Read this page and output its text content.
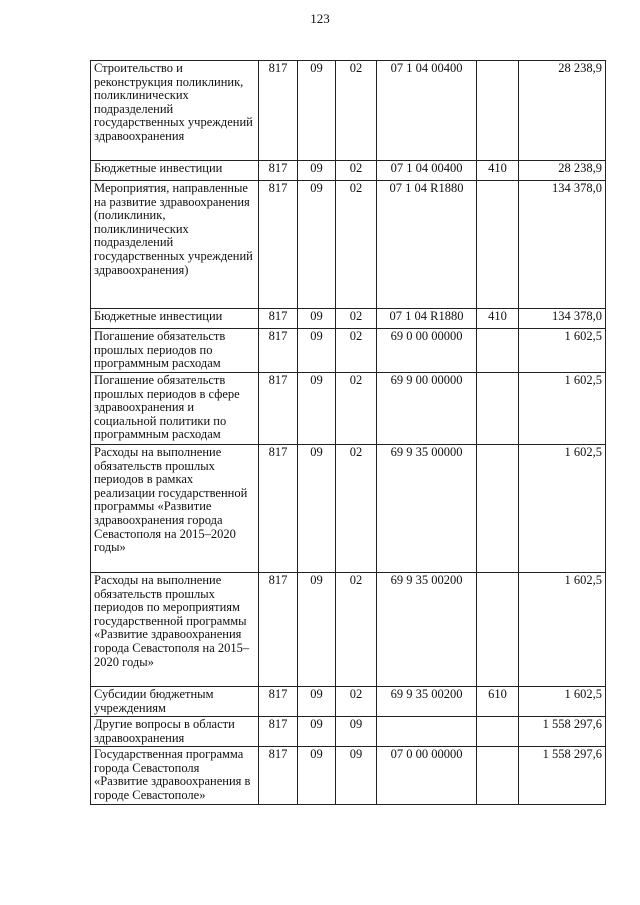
123
Строительство и реконструкция поликлиник, поликлинических подразделений государственных учреждений здравоохранения	817	09	02	07 1 04 00400		28 238,9
Бюджетные инвестиции	817	09	02	07 1 04 00400	410	28 238,9
Мероприятия, направленные на развитие здравоохранения (поликлиник, поликлинических подразделений государственных учреждений здравоохранения)	817	09	02	07 1 04 R1880		134 378,0
Бюджетные инвестиции	817	09	02	07 1 04 R1880	410	134 378,0
Погашение обязательств прошлых периодов по программным расходам	817	09	02	69 0 00 00000		1 602,5
Погашение обязательств прошлых периодов в сфере здравоохранения и социальной политики по программным расходам	817	09	02	69 9 00 00000		1 602,5
Расходы на выполнение обязательств прошлых периодов в рамках реализации государственной программы «Развитие здравоохранения города Севастополя на 2015–2020 годы»	817	09	02	69 9 35 00000		1 602,5
Расходы на выполнение обязательств прошлых периодов по мероприятиям государственной программы «Развитие здравоохранения города Севастополя на 2015–2020 годы»	817	09	02	69 9 35 00200		1 602,5
Субсидии бюджетным учреждениям	817	09	02	69 9 35 00200	610	1 602,5
Другие вопросы в области здравоохранения	817	09	09			1 558 297,6
Государственная программа города Севастополя «Развитие здравоохранения в городе Севастополе»	817	09	09	07 0 00 00000		1 558 297,6
